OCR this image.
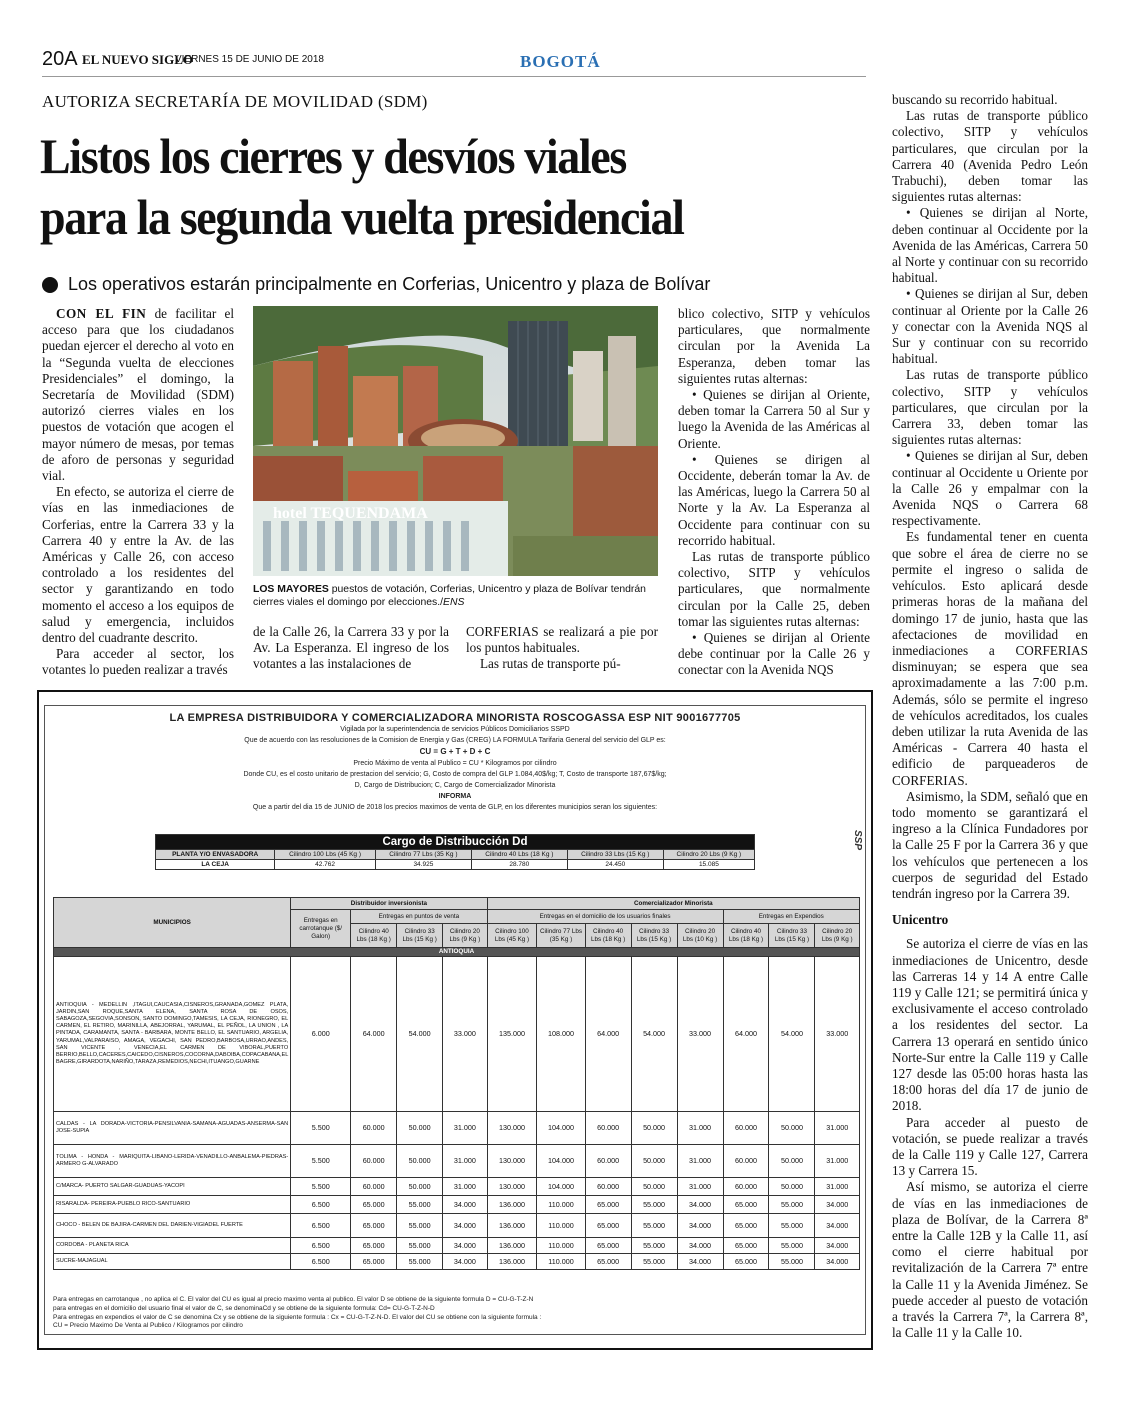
20A EL NUEVO SIGLO
VIERNES 15 DE JUNIO DE 2018	BOGOTÁ
AUTORIZA SECRETARÍA DE MOVILIDAD (SDM)
Listos los cierres y desvíos viales
para la segunda vuelta presidencial
Los operativos estarán principalmente en Corferias, Unicentro y plaza de Bolívar

CON EL FIN de facilitar el acceso para que los ciudadanos puedan ejercer el derecho al voto en la “Segunda vuelta de elecciones Presidenciales” el domingo, la Secretaría de Movilidad (SDM) autorizó cierres viales en los puestos de votación que acogen el mayor número de mesas, por temas de aforo de personas y seguridad vial.

En efecto, se autoriza el cierre de vías en las inmediaciones de Corferias, entre la Carrera 33 y la Carrera 40 y entre la Av. de las Américas y Calle 26, con acceso controlado a los residentes del sector y garantizando en todo momento el acceso a los equipos de salud y emergencia, incluidos dentro del cuadrante descrito.

Para acceder al sector, los votantes lo pueden realizar a través

hotel TEQUENDAMA
LOS MAYORES puestos de votación, Corferias, Unicentro y plaza de Bolívar tendrán cierres viales el domingo por elecciones./ENS

de la Calle 26, la Carrera 33 y por la Av. La Esperanza. El ingreso de los votantes a las instalaciones de

CORFERIAS se realizará a pie por los puntos habituales.

Las rutas de transporte pú-

blico colectivo, SITP y vehículos particulares, que normalmente circulan por la Avenida La Esperanza, deben tomar las siguientes rutas alternas:

• Quienes se dirijan al Oriente, deben tomar la Carrera 50 al Sur y luego la Avenida de las Américas al Oriente.

• Quienes se dirigen al Occidente, deberán tomar la Av. de las Américas, luego la Carrera 50 al Norte y la Av. La Esperanza al Occidente para continuar con su recorrido habitual.

Las rutas de transporte público colectivo, SITP y vehículos particulares, que normalmente circulan por la Calle 25, deben tomar las siguientes rutas alternas:

• Quienes se dirijan al Oriente debe continuar por la Calle 26 y conectar con la Avenida NQS

buscando su recorrido habitual.

Las rutas de transporte público colectivo, SITP y vehículos particulares, que circulan por la Carrera 40 (Avenida Pedro León Trabuchi), deben tomar las siguientes rutas alternas:

• Quienes se dirijan al Norte, deben continuar al Occidente por la Avenida de las Américas, Carrera 50 al Norte y continuar con su recorrido habitual.

• Quienes se dirijan al Sur, deben continuar al Oriente por la Calle 26 y conectar con la Avenida NQS al Sur y continuar con su recorrido habitual.

Las rutas de transporte público colectivo, SITP y vehículos particulares, que circulan por la Carrera 33, deben tomar las siguientes rutas alternas:

• Quienes se dirijan al Sur, deben continuar al Occidente u Oriente por la Calle 26 y empalmar con la Avenida NQS o Carrera 68 respectivamente.

Es fundamental tener en cuenta que sobre el área de cierre no se permite el ingreso o salida de vehículos. Esto aplicará desde primeras horas de la mañana del domingo 17 de junio, hasta que las afectaciones de movilidad en inmediaciones a CORFERIAS disminuyan; se espera que sea aproximadamente a las 7:00 p.m. Además, sólo se permite el ingreso de vehículos acreditados, los cuales deben utilizar la ruta Avenida de las Américas - Carrera 40 hasta el edificio de parqueaderos de CORFERIAS.

Asimismo, la SDM, señaló que en todo momento se garantizará el ingreso a la Clínica Fundadores por la Calle 25 F por la Carrera 36 y que los vehículos que pertenecen a los cuerpos de seguridad del Estado tendrán ingreso por la Carrera 39.

Unicentro

Se autoriza el cierre de vías en las inmediaciones de Unicentro, desde las Carreras 14 y 14 A entre Calle 119 y Calle 121; se permitirá única y exclusivamente el acceso controlado a los residentes del sector. La Carrera 13 operará en sentido único Norte-Sur entre la Calle 119 y Calle 127 desde las 05:00 horas hasta las 18:00 horas del día 17 de junio de 2018.

Para acceder al puesto de votación, se puede realizar a través de la Calle 119 y Calle 127, Carrera 13 y Carrera 15.

Así mismo, se autoriza el cierre de vías en las inmediaciones de plaza de Bolívar, de la Carrera 8ª entre la Calle 12B y la Calle 11, así como el cierre habitual por revitalización de la Carrera 7ª entre la Calle 11 y la Avenida Jiménez. Se puede acceder al puesto de votación a través la Carrera 7ª, la Carrera 8ª, la Calle 11 y la Calle 10.

LA EMPRESA DISTRIBUIDORA Y COMERCIALIZADORA MINORISTA ROSCOGASSA ESP NIT 9001677705
Vigilada por la superintendencia de servicios Públicos Domiciliarios SSPD
Que de acuerdo con las resoluciones de la Comision de Energia y Gas (CREG) LA FORMULA Tarifaria General del servicio del GLP es:
CU = G + T + D + C
Precio Máximo de venta al Publico = CU * Kilogramos por cilindro
Donde CU, es el costo unitario de prestacion del servicio; G, Costo de compra del GLP 1.084,40$/kg; T, Costo de transporte 187,67$/kg;
D, Cargo de Distribucion; C, Cargo de Comercializador Minorista
INFORMA
Que a partir del dia 15 de JUNIO de 2018 los precios maximos de venta de GLP, en los diferentes municipios seran los siguientes:
SSP
Cargo de Distribucción Dd					
PLANTA Y/O ENVASADORA	Cilindro 100 Lbs (45 Kg )	Cilindro 77 Lbs (35 Kg )	Cilindro 40 Lbs (18 Kg )	Cilindro 33 Lbs (15 Kg )	Cilindro 20 Lbs (9 Kg )
LA CEJA	42.762	34.925	28.780	24.450	15.085
MUNICIPIOS	Distribuidor inversionista				Comercializador Minorista							
	Entregas en carrotanque ($/ Galon)	Entregas en puntos de venta			Entregas en el domicilio de los usuarios finales					Entregas en Expendios		
		Cilindro 40 Lbs (18 Kg )	Cilindro 33 Lbs (15 Kg )	Cilindro 20 Lbs (9 Kg )	Cilindro 100 Lbs (45 Kg )	Cilindro 77 Lbs (35 Kg )	Cilindro 40 Lbs (18 Kg )	Cilindro 33 Lbs (15 Kg )	Cilindro 20 Lbs (10 Kg )	Cilindro 40 Lbs (18 Kg )	Cilindro 33 Lbs (15 Kg )	Cilindro 20 Lbs (9 Kg )
ANTIOQUIA												
ANTIOQUIA - MEDELLIN ,ITAGUI,CAUCASIA,CISNEROS,GRANADA,GOMEZ PLATA, JARDIN,SAN ROQUE,SANTA ELENA, SANTA ROSA DE OSOS, SABAGOZA,SEGOVIA,SONSON, SANTO DOMINGO,TAMESIS, LA CEJA, RIONEGRO, EL CARMEN, EL RETIRO, MARINILLA, ABEJORRAL, YARUMAL, EL PEÑOL, LA UNION , LA PINTADA, CARAMANTA, SANTA - BARBARA, MONTE BELLO, EL SANTUARIO, ARGELIA, YARUMAL,VALPARAISO, AMAGA, VEGACHI, SAN PEDRO,BARBOSA,URRAO,ANDES, SAN VICENTE , VENECIA,EL CARMEN DE VIBORAL,PUERTO BERRIO,BELLO,CACERES,CAICEDO,CISNEROS,COCORNA,DABOIBA,COPACABANA,EL BAGRE,GIRARDOTA,NARIÑO,TARAZA,REMEDIOS,NECHI,ITUANGO,GUARNE	6.000	64.000	54.000	33.000	135.000	108.000	64.000	54.000	33.000	64.000	54.000	33.000
CALDAS - LA DORADA-VICTORIA-PENSILVANIA-SAMANA-AGUADAS-ANSERMA-SAN JOSE-SUPIA	5.500	60.000	50.000	31.000	130.000	104.000	60.000	50.000	31.000	60.000	50.000	31.000
TOLIMA - HONDA - MARIQUITA-LIBANO-LERIDA-VENADILLO-ANBALEMA-PIEDRAS-ARMERO G-ALVARADO	5.500	60.000	50.000	31.000	130.000	104.000	60.000	50.000	31.000	60.000	50.000	31.000
C/MARCA- PUERTO SALGAR-GUADUAS-YACOPI	5.500	60.000	50.000	31.000	130.000	104.000	60.000	50.000	31.000	60.000	50.000	31.000
RISARALDA- PEREIRA-PUEBLO RICO-SANTUARIO	6.500	65.000	55.000	34.000	136.000	110.000	65.000	55.000	34.000	65.000	55.000	34.000
CHOCO - BELEN DE BAJIRA-CARMEN DEL DARIEN-VIGIADEL FUERTE	6.500	65.000	55.000	34.000	136.000	110.000	65.000	55.000	34.000	65.000	55.000	34.000
CORDOBA - PLANETA RICA	6.500	65.000	55.000	34.000	136.000	110.000	65.000	55.000	34.000	65.000	55.000	34.000
SUCRE-MAJAGUAL	6.500	65.000	55.000	34.000	136.000	110.000	65.000	55.000	34.000	65.000	55.000	34.000
Para entregas en carrotanque , no aplica el C. El valor del CU es igual al precio maximo venta al publico. El valor D se obtiene de la siguiente formula D = CU-G-T-Z-N
para entregas en el domicilio del usuario final el valor de C, se denominaCd y se obtiene de la siguiente formula: Cd= CU-G-T-Z-N-D
Para entregas en expendios el valor de C se denomina Cx y se obtiene de la siguiente formula : Cx = CU-G-T-Z-N-D. El valor del CU se obtiene con la siguiente formula :
CU = Precio Maximo De Venta al Publico / Kilogramos por cilindro
